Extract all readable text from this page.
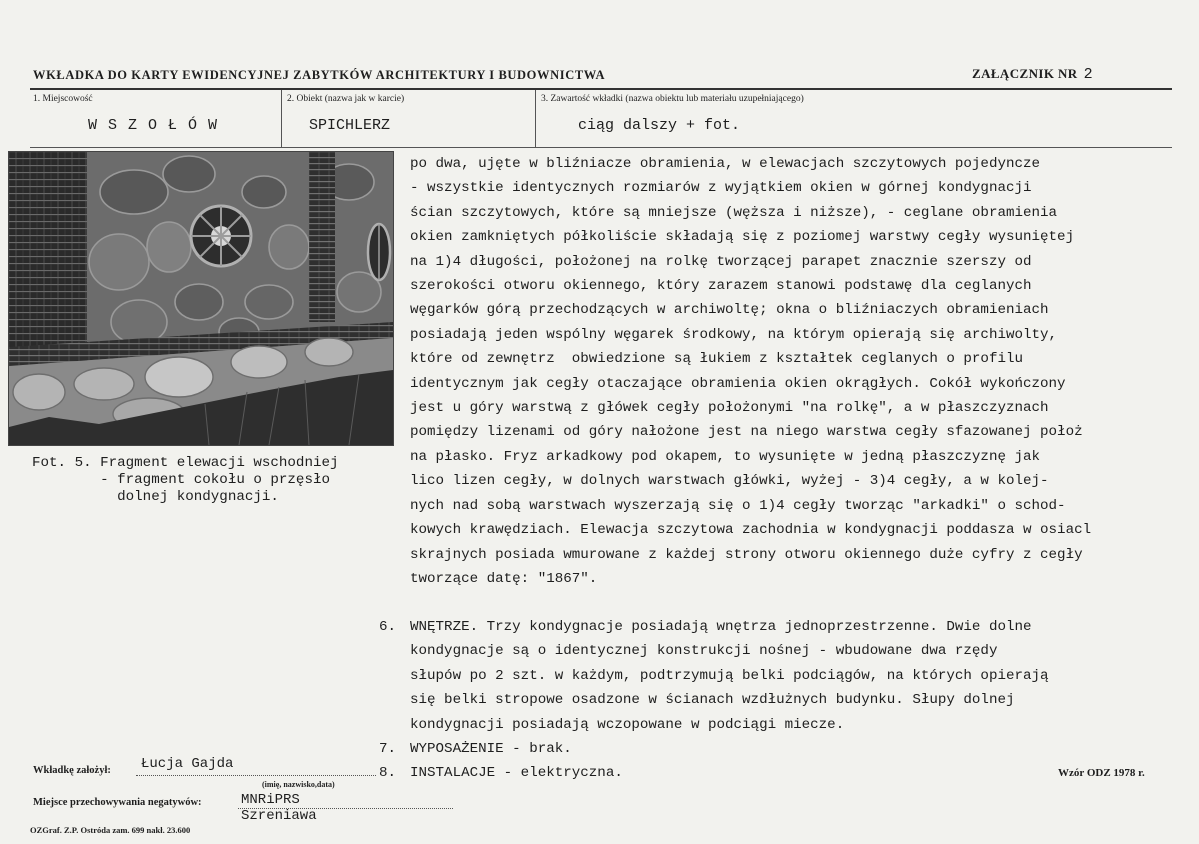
WKŁADKA DO KARTY EWIDENCYJNEJ ZABYTKÓW ARCHITEKTURY I BUDOWNICTWA	ZAŁĄCZNIK NR 2
1. Miejscowość
W S Z O Ł Ó W
2. Obiekt (nazwa jak w karcie)
SPICHLERZ
3. Zawartość wkładki (nazwa obiektu lub materiału uzupełniającego)
ciąg dalszy + fot.
Fot. 5. Fragment elewacji wschodniej
- fragment cokołu o przęsło
dolnej kondygnacji.
po dwa, ujęte w bliźniacze obramienia, w elewacjach szczytowych pojedyncze
- wszystkie identycznych rozmiarów z wyjątkiem okien w górnej kondygnacji
ścian szczytowych, które są mniejsze (węższa i niższe), - ceglane obramienia
okien zamkniętych półkoliście składają się z poziomej warstwy cegły wysuniętej
na 1)4 długości, położonej na rolkę tworzącej parapet znacznie szerszy od
szerokości otworu okiennego, który zarazem stanowi podstawę dla ceglanych
węgarków górą przechodzących w archiwoltę; okna o bliźniaczych obramieniach
posiadają jeden wspólny węgarek środkowy, na którym opierają się archiwolty,
które od zewnętrz  obwiedzione są łukiem z kształtek ceglanych o profilu
identycznym jak cegły otaczające obramienia okien okrągłych. Cokół wykończony
jest u góry warstwą z główek cegły położonymi "na rolkę", a w płaszczyznach
pomiędzy lizenami od góry nałożone jest na niego warstwa cegły sfazowanej położ
na płasko. Fryz arkadkowy pod okapem, to wysunięte w jedną płaszczyznę jak
lico lizen cegły, w dolnych warstwach główki, wyżej - 3)4 cegły, a w kolej-
nych nad sobą warstwach wyszerzają się o 1)4 cegły tworząc "arkadki" o schod-
kowych krawędziach. Elewacja szczytowa zachodnia w kondygnacji poddasza w osiacl
skrajnych posiada wmurowane z każdej strony otworu okiennego duże cyfry z cegły
tworzące datę: "1867".
6. WNĘTRZE. Trzy kondygnacje posiadają wnętrza jednoprzestrzenne. Dwie dolne
kondygnacje są o identycznej konstrukcji nośnej - wbudowane dwa rzędy
słupów po 2 szt. w każdym, podtrzymują belki podciągów, na których opierają
się belki stropowe osadzone w ścianach wzdłużnych budynku. Słupy dolnej
kondygnacji posiadają wczopowane w podciągi miecze.
7. WYPOSAŻENIE - brak.
8. INSTALACJE - elektryczna.
Wkładkę założył: Łucja Gajda
(imię, nazwisko,data)
Miejsce przechowywania negatywów:	MNRiPRS
Szreniawa
Wzór ODZ 1978 r.
OZGraf. Z.P. Ostróda zam. 699 nakł. 23.600
